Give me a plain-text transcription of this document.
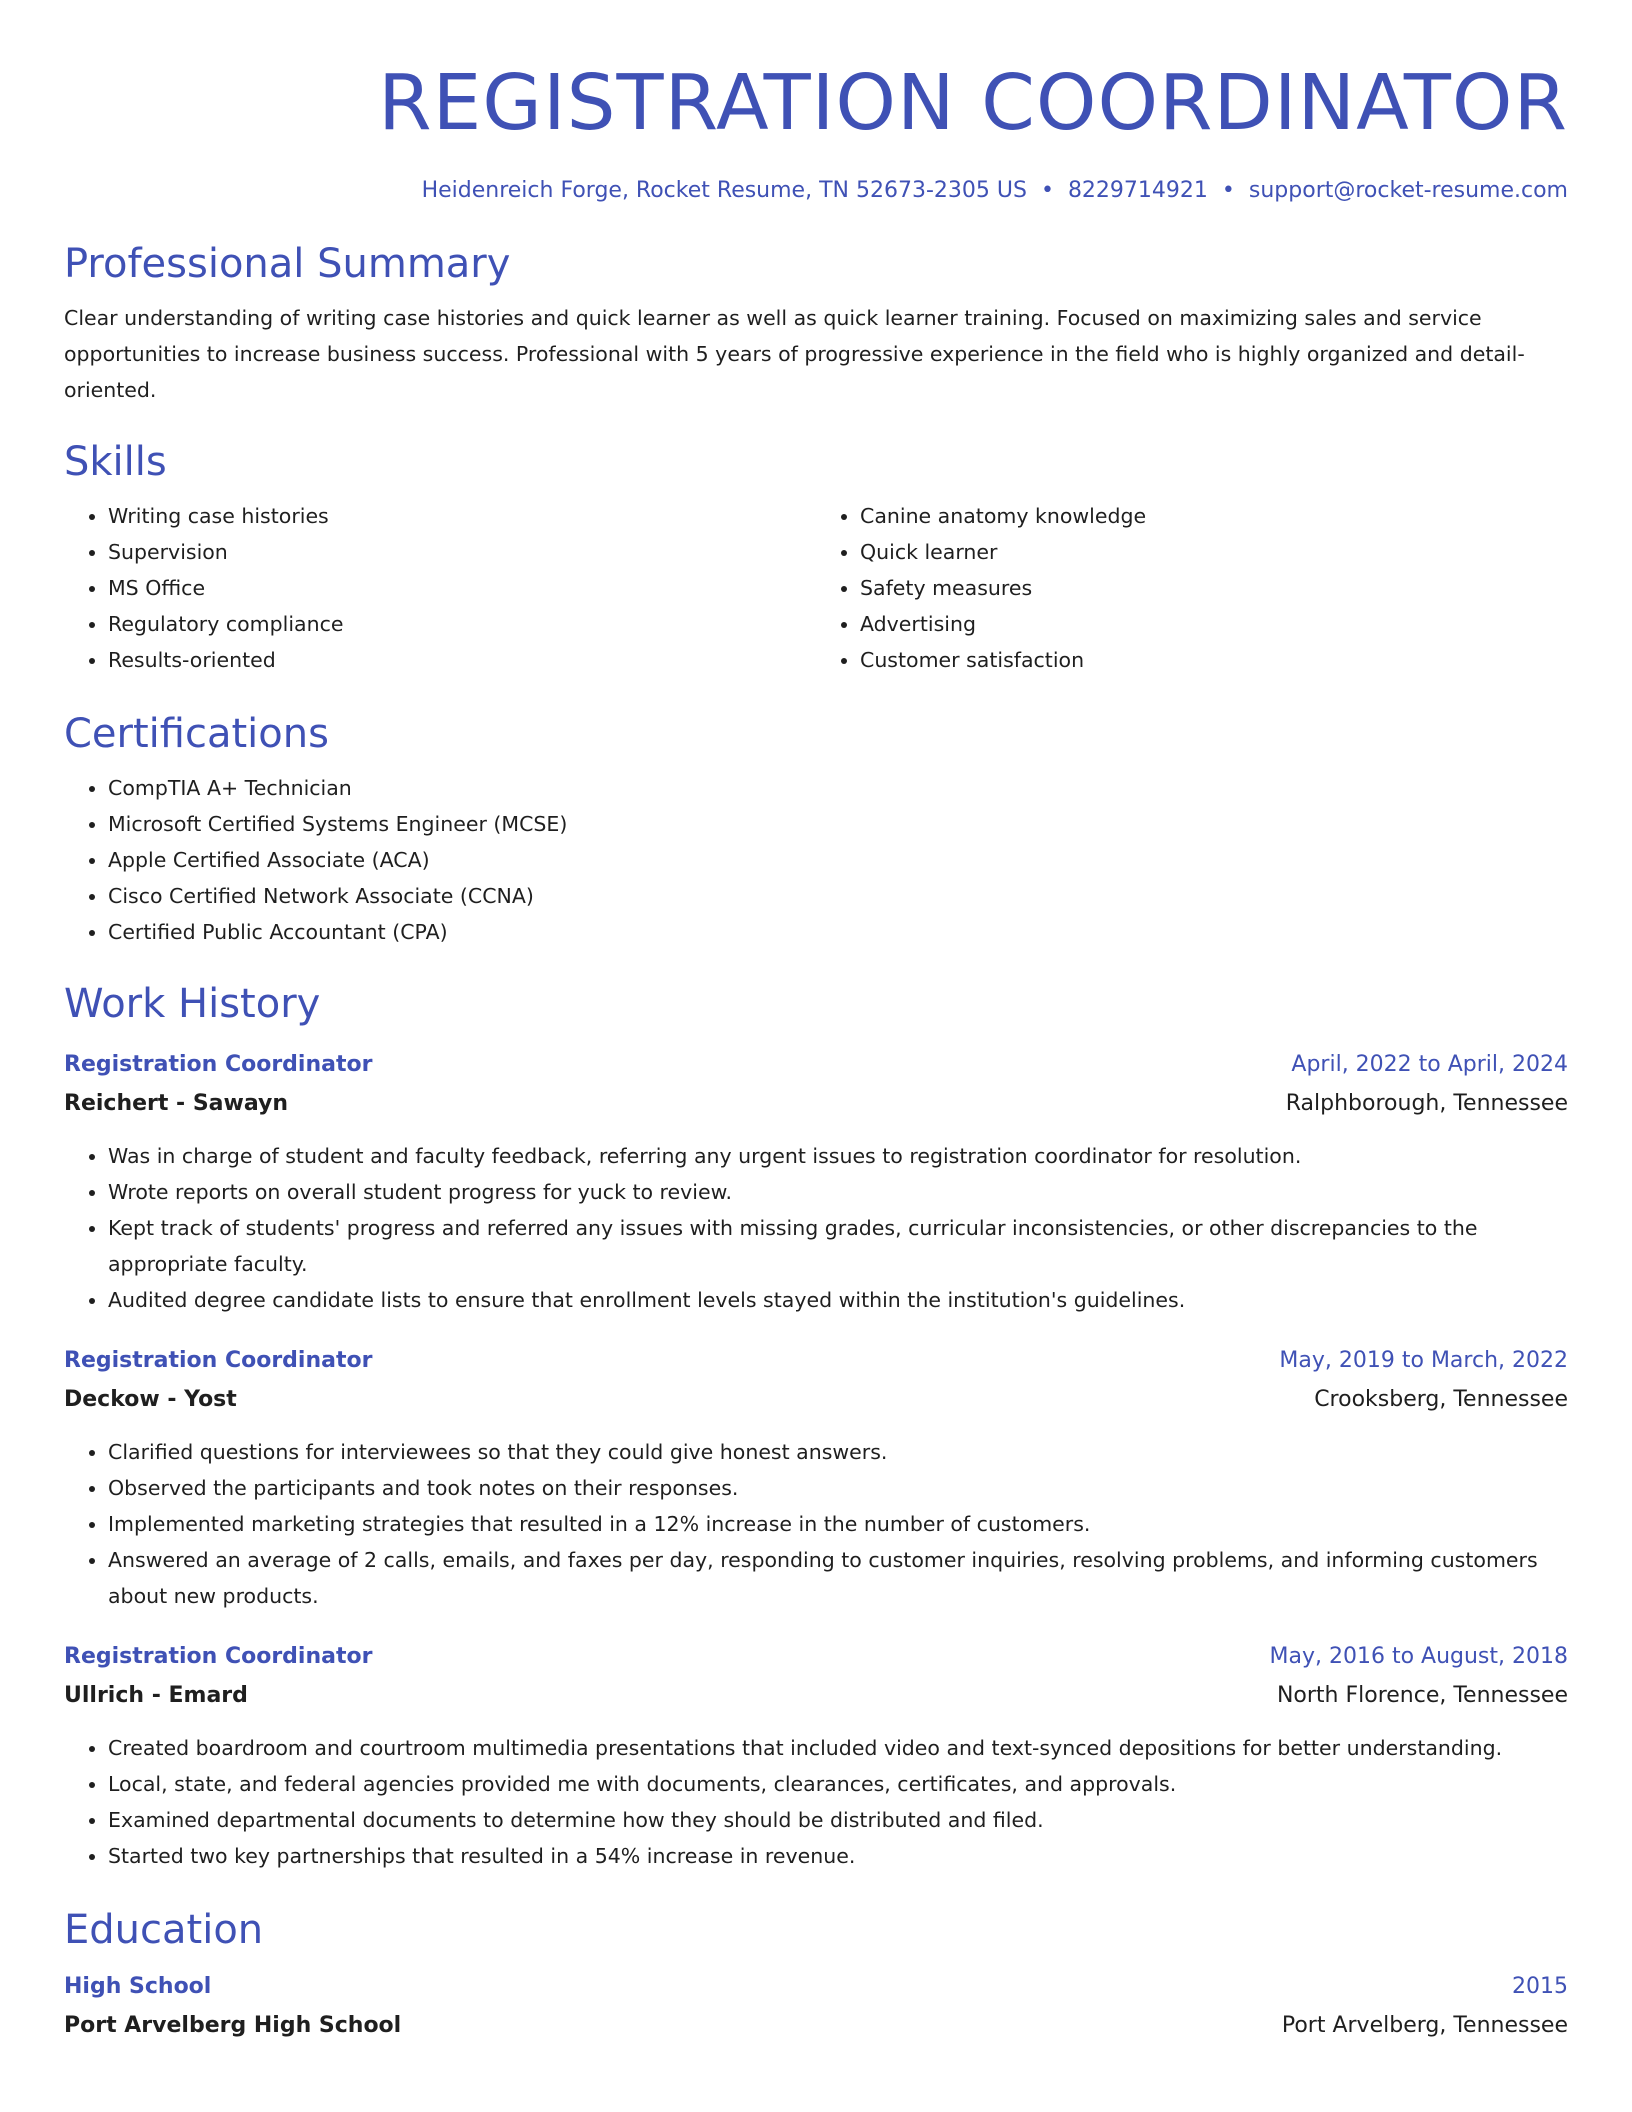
REGISTRATION COORDINATOR
Heidenreich Forge, Rocket Resume, TN 52673-2305 US • 8229714921 • support@rocket-resume.com
Professional Summary

Clear understanding of writing case histories and quick learner as well as quick learner training. Focused on maximizing sales and service opportunities to increase business success. Professional with 5 years of progressive experience in the field who is highly organized and detail-oriented.

Skills
• Writing case histories
• Supervision
• MS Office
• Regulatory compliance
• Results-oriented
• Canine anatomy knowledge
• Quick learner
• Safety measures
• Advertising
• Customer satisfaction
Certifications
• CompTIA A+ Technician
• Microsoft Certified Systems Engineer (MCSE)
• Apple Certified Associate (ACA)
• Cisco Certified Network Associate (CCNA)
• Certified Public Accountant (CPA)
Work History
Registration Coordinator	April, 2022 to April, 2024
Reichert - Sawayn	Ralphborough, Tennessee
• Was in charge of student and faculty feedback, referring any urgent issues to registration coordinator for resolution.
• Wrote reports on overall student progress for yuck to review.
• Kept track of students' progress and referred any issues with missing grades, curricular inconsistencies, or other discrepancies to the appropriate faculty.
• Audited degree candidate lists to ensure that enrollment levels stayed within the institution's guidelines.
Registration Coordinator	May, 2019 to March, 2022
Deckow - Yost	Crooksberg, Tennessee
• Clarified questions for interviewees so that they could give honest answers.
• Observed the participants and took notes on their responses.
• Implemented marketing strategies that resulted in a 12% increase in the number of customers.
• Answered an average of 2 calls, emails, and faxes per day, responding to customer inquiries, resolving problems, and informing customers about new products.
Registration Coordinator	May, 2016 to August, 2018
Ullrich - Emard	North Florence, Tennessee
• Created boardroom and courtroom multimedia presentations that included video and text-synced depositions for better understanding.
• Local, state, and federal agencies provided me with documents, clearances, certificates, and approvals.
• Examined departmental documents to determine how they should be distributed and filed.
• Started two key partnerships that resulted in a 54% increase in revenue.
Education
High School	2015
Port Arvelberg High School	Port Arvelberg, Tennessee
